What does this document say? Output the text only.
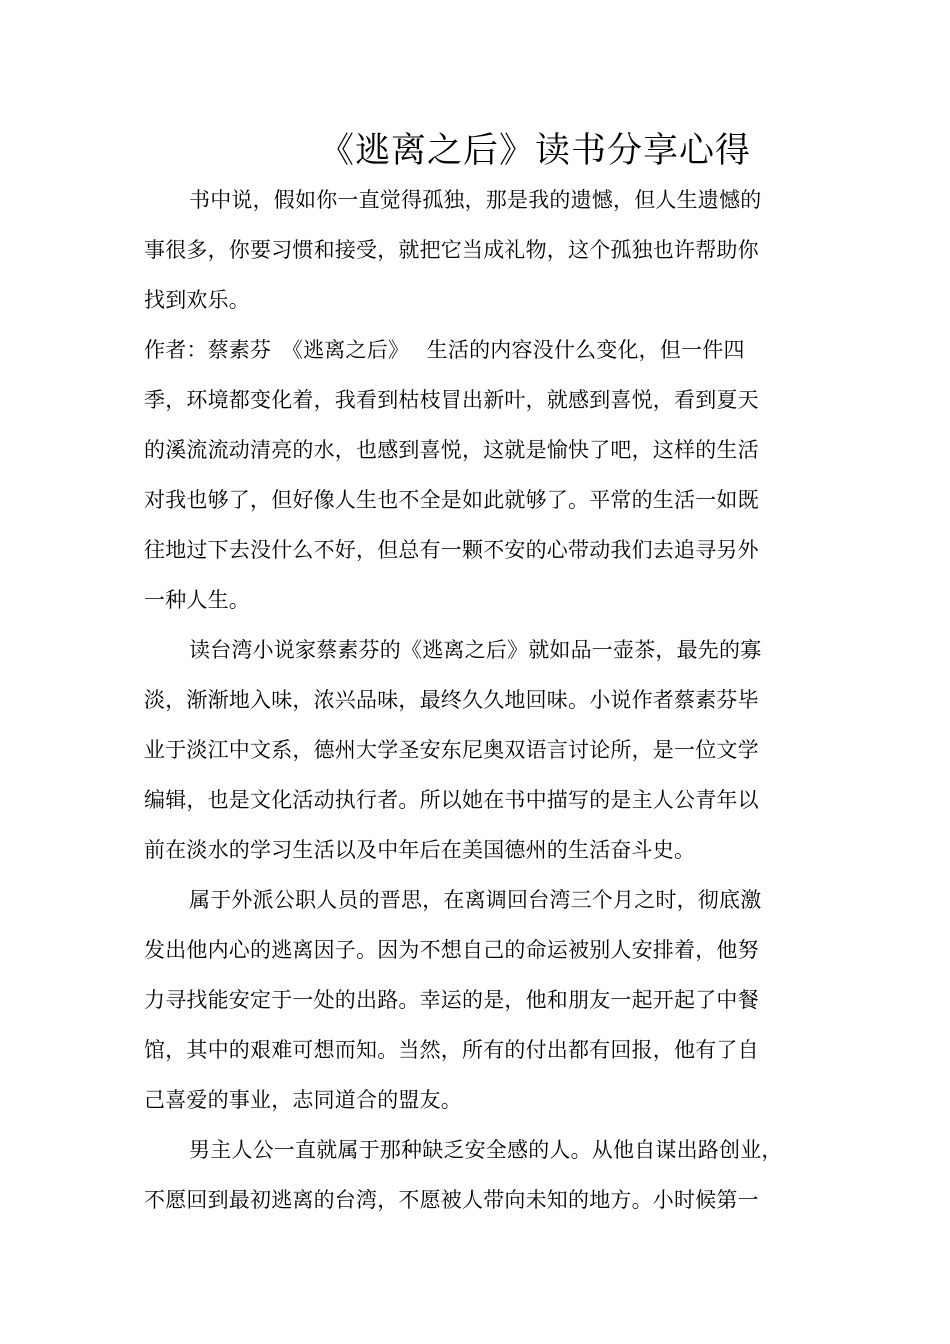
《逃离之后》读书分享心得
书中说，假如你一直觉得孤独，那是我的遗憾，但人生遗憾的
事很多，你要习惯和接受，就把它当成礼物，这个孤独也许帮助你
找到欢乐。
作者：蔡素芬　《逃离之后》　 生活的内容没什么变化，但一件四
季，环境都变化着，我看到枯枝冒出新叶，就感到喜悦，看到夏天
的溪流流动清亮的水，也感到喜悦，这就是愉快了吧，这样的生活
对我也够了，但好像人生也不全是如此就够了。平常的生活一如既
往地过下去没什么不好，但总有一颗不安的心带动我们去追寻另外
一种人生。
读台湾小说家蔡素芬的《逃离之后》就如品一壶茶，最先的寡
淡，渐渐地入味，浓兴品味，最终久久地回味。小说作者蔡素芬毕
业于淡江中文系，德州大学圣安东尼奥双语言讨论所，是一位文学
编辑，也是文化活动执行者。所以她在书中描写的是主人公青年以
前在淡水的学习生活以及中年后在美国德州的生活奋斗史。
属于外派公职人员的晋思，在离调回台湾三个月之时，彻底激
发出他内心的逃离因子。因为不想自己的命运被别人安排着，他努
力寻找能安定于一处的出路。幸运的是，他和朋友一起开起了中餐
馆，其中的艰难可想而知。当然，所有的付出都有回报，他有了自
己喜爱的事业，志同道合的盟友。
男主人公一直就属于那种缺乏安全感的人。从他自谋出路创业，
不愿回到最初逃离的台湾，不愿被人带向未知的地方。小时候第一
